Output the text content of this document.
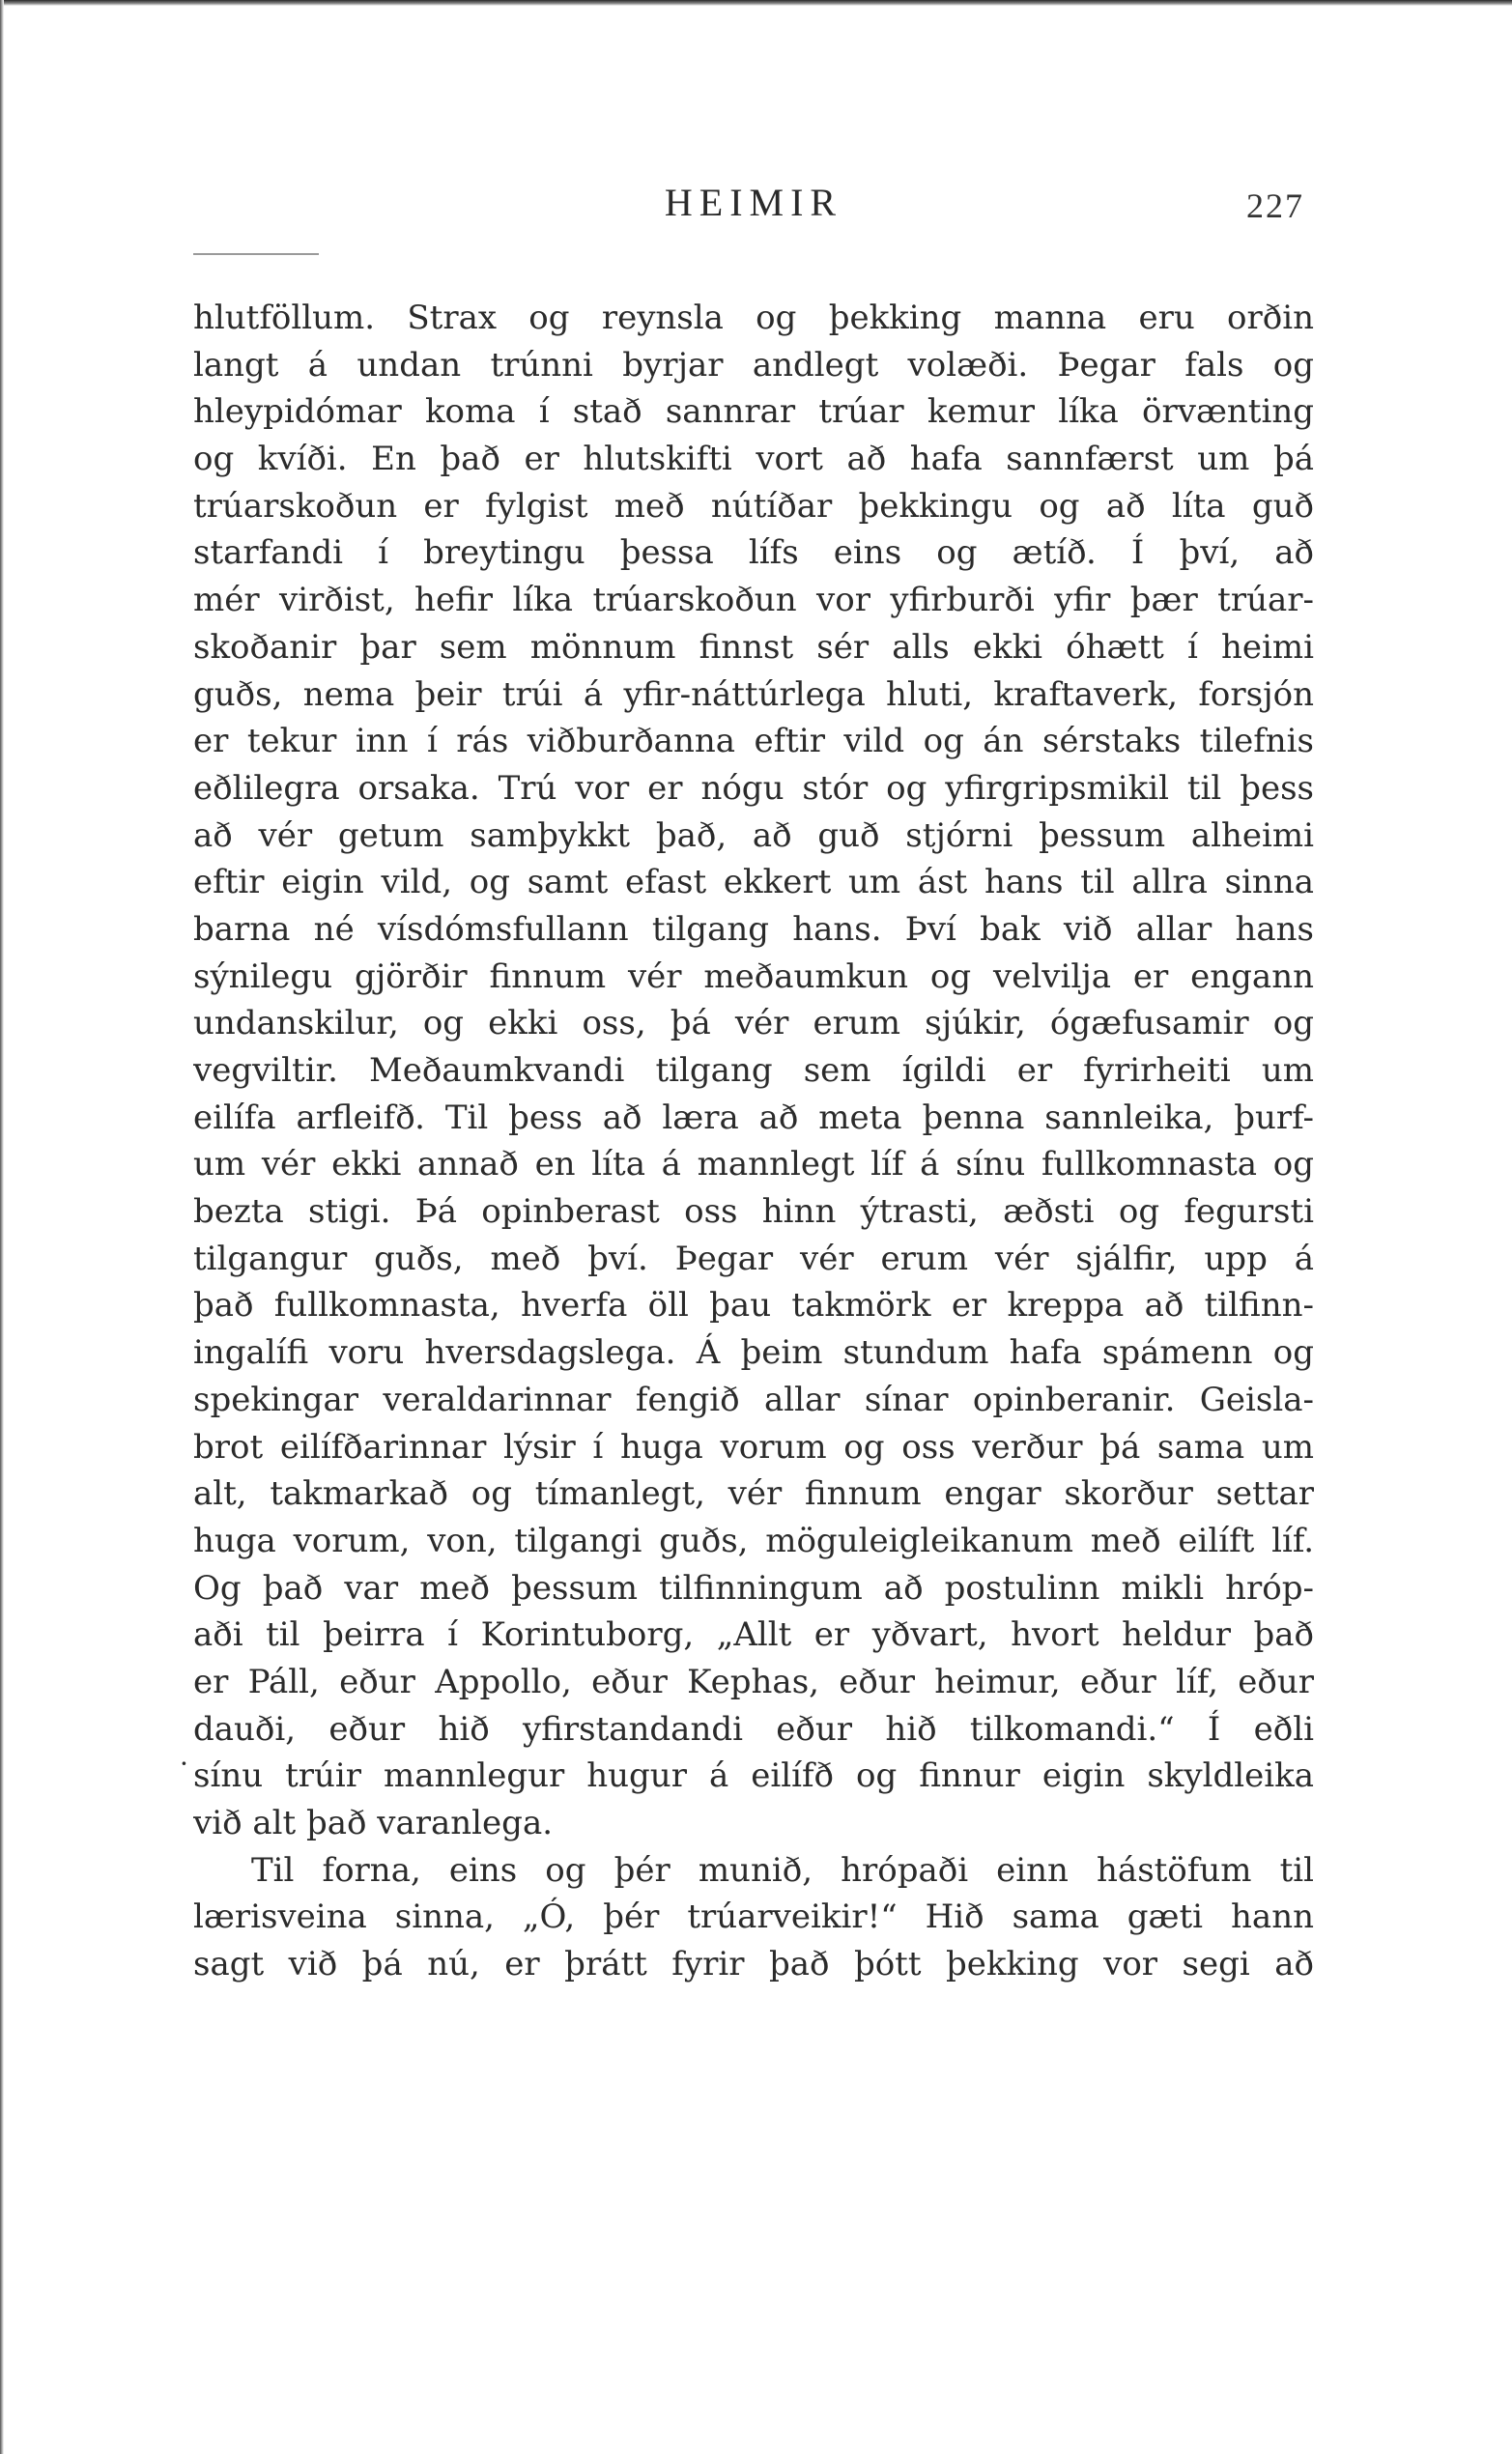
HEIMIR	227
·
hlutföllum. Strax og reynsla og þekking manna eru orðin
langt á undan trúnni byrjar andlegt volæði. Þegar fals og
hleypidómar koma í stað sannrar trúar kemur líka örvænting
og kvíði. En það er hlutskifti vort að hafa sannfærst um þá
trúarskoðun er fylgist með nútíðar þekkingu og að líta guð
starfandi í breytingu þessa lífs eins og ætíð. Í því, að
mér virðist, hefir líka trúarskoðun vor yfirburði yfir þær trúar-
skoðanir þar sem mönnum finnst sér alls ekki óhætt í heimi
guðs, nema þeir trúi á yfir-náttúrlega hluti, kraftaverk, forsjón
er tekur inn í rás viðburðanna eftir vild og án sérstaks tilefnis
eðlilegra orsaka. Trú vor er nógu stór og yfirgripsmikil til þess
að vér getum samþykkt það, að guð stjórni þessum alheimi
eftir eigin vild, og samt efast ekkert um ást hans til allra sinna
barna né vísdómsfullann tilgang hans. Því bak við allar hans
sýnilegu gjörðir finnum vér meðaumkun og velvilja er engann
undanskilur, og ekki oss, þá vér erum sjúkir, ógæfusamir og
vegviltir. Meðaumkvandi tilgang sem ígildi er fyrirheiti um
eilífa arfleifð. Til þess að læra að meta þenna sannleika, þurf-
um vér ekki annað en líta á mannlegt líf á sínu fullkomnasta og
bezta stigi. Þá opinberast oss hinn ýtrasti, æðsti og fegursti
tilgangur guðs, með því. Þegar vér erum vér sjálfir, upp á
það fullkomnasta, hverfa öll þau takmörk er kreppa að tilfinn-
ingalífi voru hversdagslega. Á þeim stundum hafa spámenn og
spekingar veraldarinnar fengið allar sínar opinberanir. Geisla-
brot eilífðarinnar lýsir í huga vorum og oss verður þá sama um
alt, takmarkað og tímanlegt, vér finnum engar skorður settar
huga vorum, von, tilgangi guðs, möguleigleikanum með eilíft líf.
Og það var með þessum tilfinningum að postulinn mikli hróp-
aði til þeirra í Korintuborg, „Allt er yðvart, hvort heldur það
er Páll, eður Appollo, eður Kephas, eður heimur, eður líf, eður
dauði, eður hið yfirstandandi eður hið tilkomandi.“ Í eðli
sínu trúir mannlegur hugur á eilífð og finnur eigin skyldleika
við alt það varanlega.
Til forna, eins og þér munið, hrópaði einn hástöfum til
lærisveina sinna, „Ó, þér trúarveikir!“ Hið sama gæti hann
sagt við þá nú, er þrátt fyrir það þótt þekking vor segi að
